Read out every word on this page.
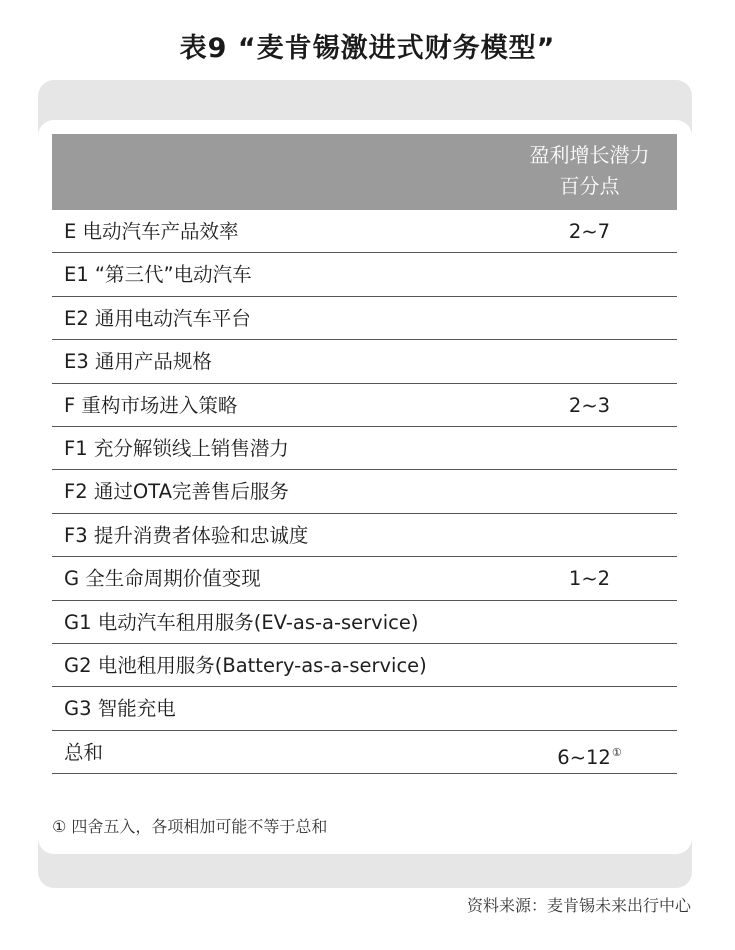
表9 “麦肯锡激进式财务模型”
盈利增长潜力
百分点
E 电动汽车产品效率	2~7
E1 “第三代”电动汽车
E2 通用电动汽车平台
E3 通用产品规格
F 重构市场进入策略	2~3
F1 充分解锁线上销售潜力
F2 通过OTA完善售后服务
F3 提升消费者体验和忠诚度
G 全生命周期价值变现	1~2
G1 电动汽车租用服务(EV-as-a-service)
G2 电池租用服务(Battery-as-a-service)
G3 智能充电
总和	6~12①
① 四舍五入，各项相加可能不等于总和
资料来源：麦肯锡未来出行中心
